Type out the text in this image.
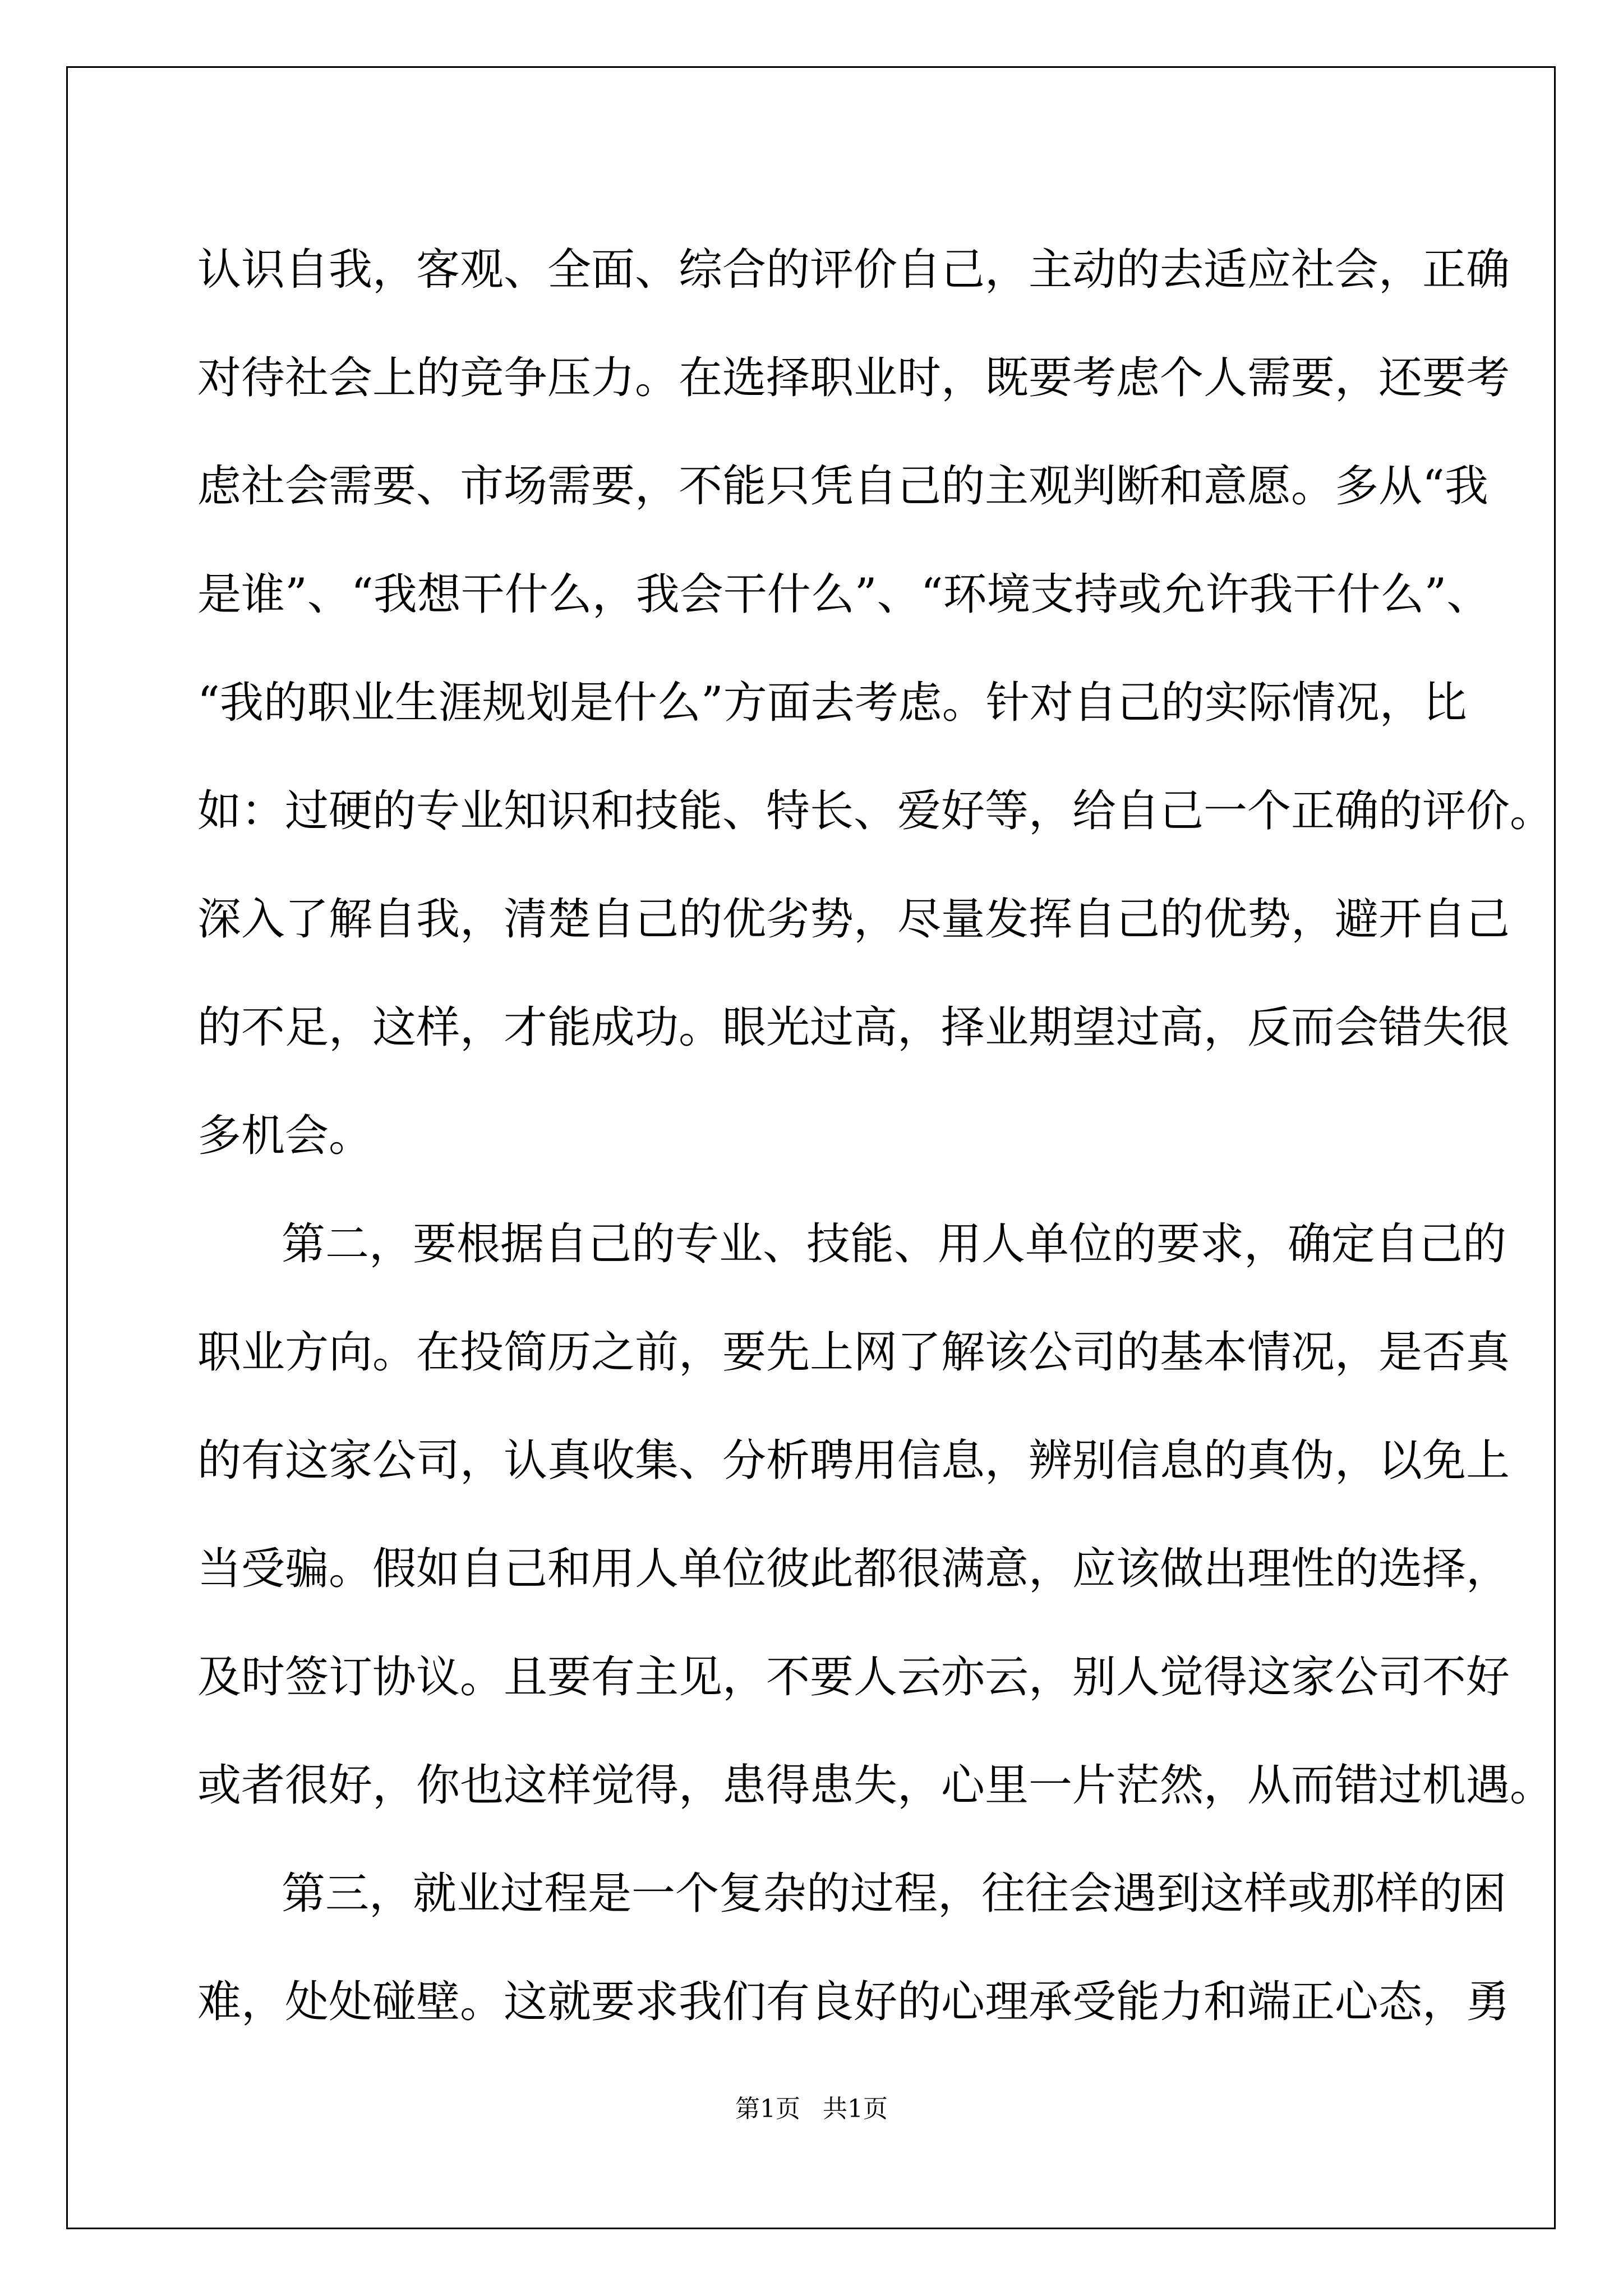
认识自我，客观、全面、综合的评价自己，主动的去适应社会，正确
对待社会上的竞争压力。在选择职业时，既要考虑个人需要，还要考
虑社会需要、市场需要，不能只凭自己的主观判断和意愿。多从“我
是谁”、“我想干什么，我会干什么”、“环境支持或允许我干什么”、
“我的职业生涯规划是什么”方面去考虑。针对自己的实际情况，比
如：过硬的专业知识和技能、特长、爱好等，给自己一个正确的评价。
深入了解自我，清楚自己的优劣势，尽量发挥自己的优势，避开自己
的不足，这样，才能成功。眼光过高，择业期望过高，反而会错失很
多机会。
第二，要根据自己的专业、技能、用人单位的要求，确定自己的
职业方向。在投简历之前，要先上网了解该公司的基本情况，是否真
的有这家公司，认真收集、分析聘用信息，辨别信息的真伪，以免上
当受骗。假如自己和用人单位彼此都很满意，应该做出理性的选择，
及时签订协议。且要有主见，不要人云亦云，别人觉得这家公司不好
或者很好，你也这样觉得，患得患失，心里一片茫然，从而错过机遇。
第三，就业过程是一个复杂的过程，往往会遇到这样或那样的困
难，处处碰壁。这就要求我们有良好的心理承受能力和端正心态，勇
第1页 共1页
